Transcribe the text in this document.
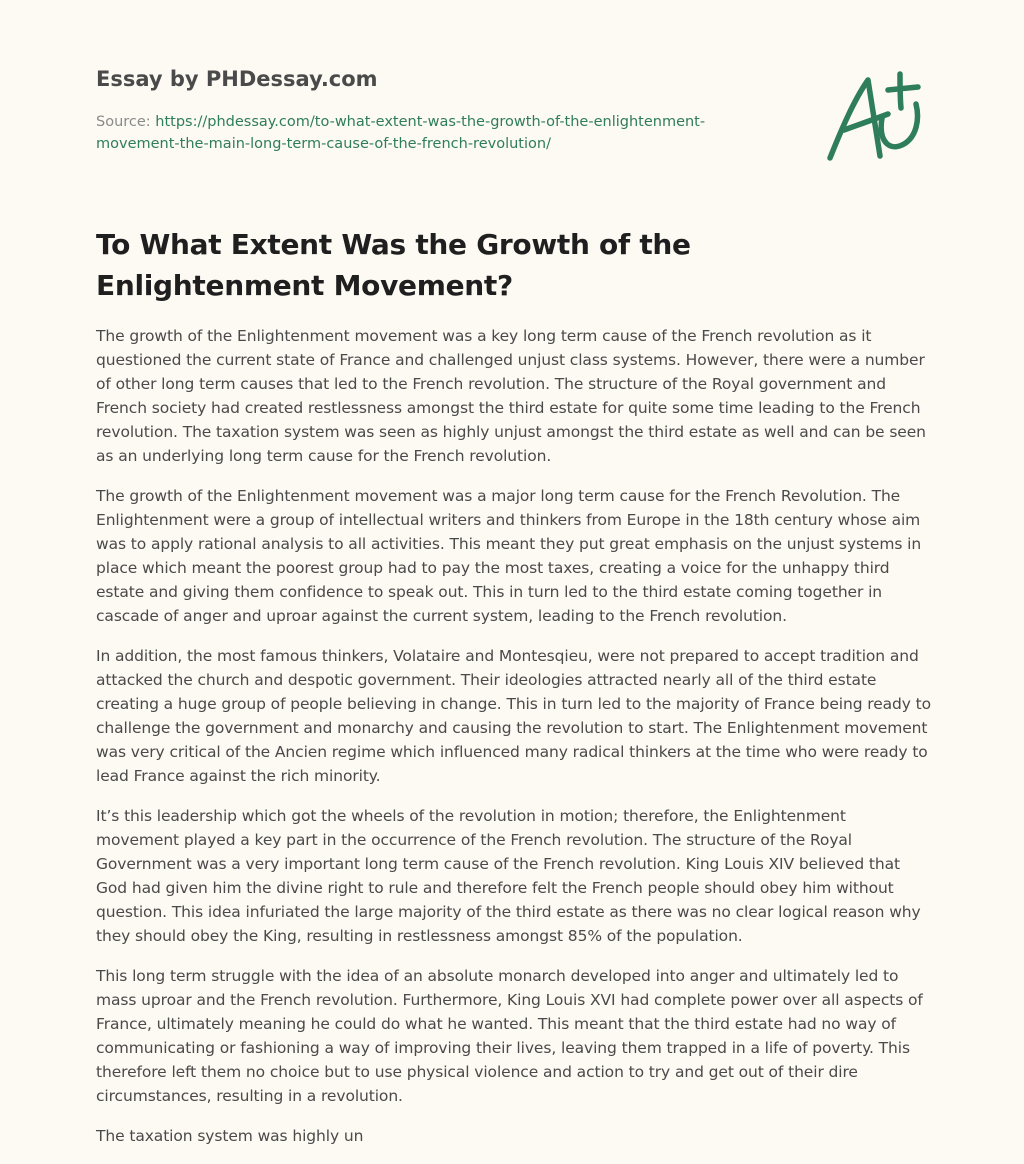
Essay by PHDessay.com
Source: https://phdessay.com/to-what-extent-was-the-growth-of-the-enlightenment-movement-the-main-long-term-cause-of-the-french-revolution/
To What Extent Was the Growth of the Enlightenment Movement?

The growth of the Enlightenment movement was a key long term cause of the French revolution as it questioned the current state of France and challenged unjust class systems. However, there were a number of other long term causes that led to the French revolution. The structure of the Royal government and French society had created restlessness amongst the third estate for quite some time leading to the French revolution. The taxation system was seen as highly unjust amongst the third estate as well and can be seen as an underlying long term cause for the French revolution.

The growth of the Enlightenment movement was a major long term cause for the French Revolution. The Enlightenment were a group of intellectual writers and thinkers from Europe in the 18th century whose aim was to apply rational analysis to all activities. This meant they put great emphasis on the unjust systems in place which meant the poorest group had to pay the most taxes, creating a voice for the unhappy third estate and giving them confidence to speak out. This in turn led to the third estate coming together in cascade of anger and uproar against the current system, leading to the French revolution.

In addition, the most famous thinkers, Volataire and Montesqieu, were not prepared to accept tradition and attacked the church and despotic government. Their ideologies attracted nearly all of the third estate creating a huge group of people believing in change. This in turn led to the majority of France being ready to challenge the government and monarchy and causing the revolution to start. The Enlightenment movement was very critical of the Ancien regime which influenced many radical thinkers at the time who were ready to lead France against the rich minority.

It’s this leadership which got the wheels of the revolution in motion; therefore, the Enlightenment movement played a key part in the occurrence of the French revolution. The structure of the Royal Government was a very important long term cause of the French revolution. King Louis XIV believed that God had given him the divine right to rule and therefore felt the French people should obey him without question. This idea infuriated the large majority of the third estate as there was no clear logical reason why they should obey the King, resulting in restlessness amongst 85% of the population.

This long term struggle with the idea of an absolute monarch developed into anger and ultimately led to mass uproar and the French revolution. Furthermore, King Louis XVI had complete power over all aspects of France, ultimately meaning he could do what he wanted. This meant that the third estate had no way of communicating or fashioning a way of improving their lives, leaving them trapped in a life of poverty. This therefore left them no choice but to use physical violence and action to try and get out of their dire circumstances, resulting in a revolution.

The taxation system was highly un
